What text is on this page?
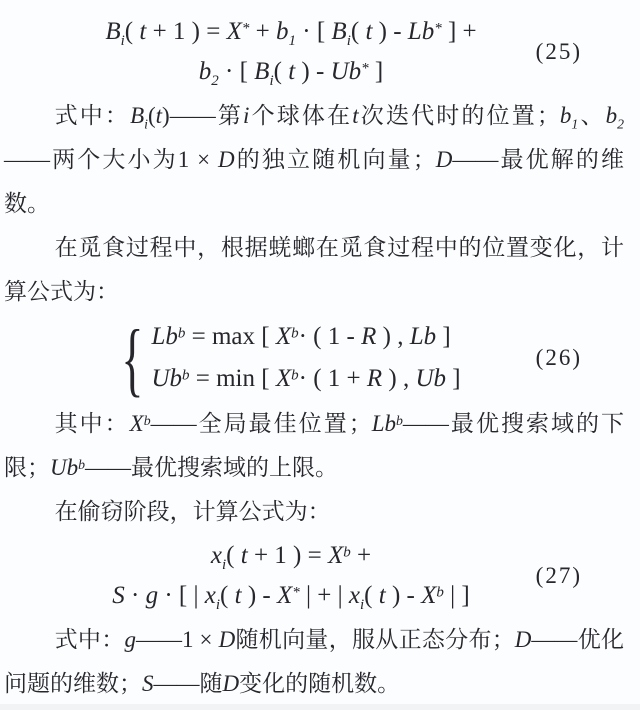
$B_i$( t + 1 ) = $X^* + b_1$ · [ $B_i$( t ) - Lb* ] +
$b_2$ · [ $B_i$( t ) - Ub* ]
(25)

式中：$B_i(t)——$第i个球体在t次迭代时的位置；$b_1$、$b_2——$两个大小为1 × D的独立随机向量；D——最优解的维数。

在觅食过程中，根据蜣螂在觅食过程中的位置变化，计算公式为：

{ $Lb^b = \max$ [ $X^b\cdot$ ( 1 - R ) , Lb ]
$Ub^b = \min$ [ $X^b\cdot$ ( 1 + R ) , Ub ]
(26)

其中：$X^b——$全局最佳位置；Lb$^b$——最优搜索域的下限；Ub$^b$——最优搜索域的上限。

在偷窃阶段，计算公式为：

$x_i$( t + 1 ) = $X^b$ +
S · g · [ | $x_i$( t ) - X* | + | $x_i$( t ) - $X^b$ | ]
(27)

式中：g——1 × D随机向量，服从正态分布；D——优化问题的维数；S——随D变化的随机数。
